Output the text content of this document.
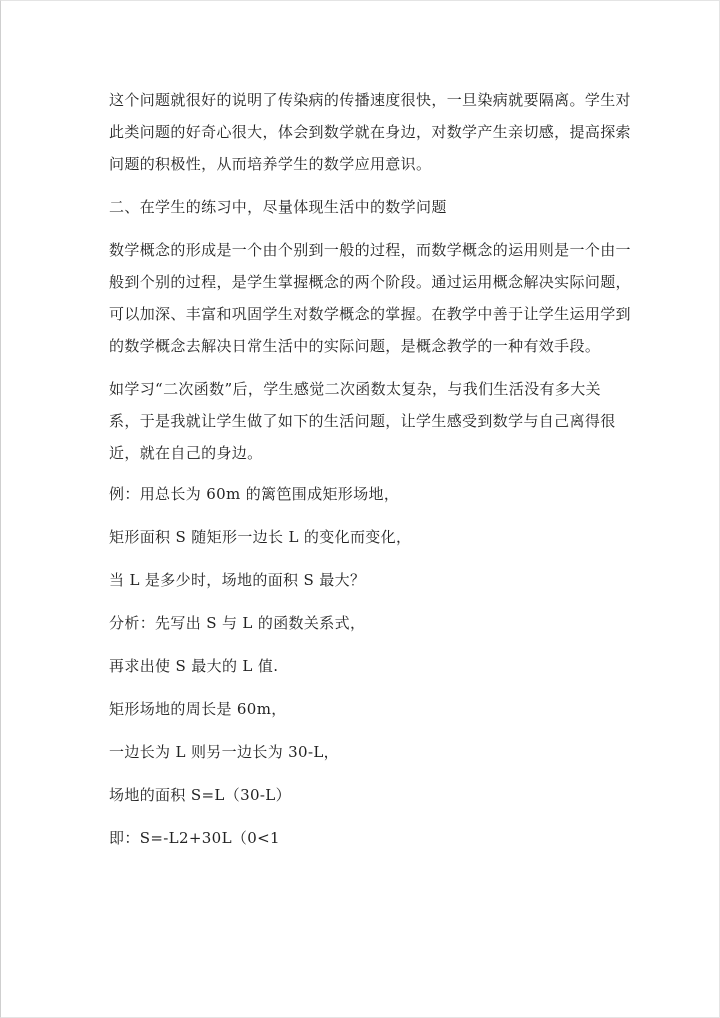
这个问题就很好的说明了传染病的传播速度很快，一旦染病就要隔离。学生对
此类问题的好奇心很大，体会到数学就在身边，对数学产生亲切感，提高探索
问题的积极性，从而培养学生的数学应用意识。
二、在学生的练习中，尽量体现生活中的数学问题
数学概念的形成是一个由个别到一般的过程，而数学概念的运用则是一个由一
般到个别的过程，是学生掌握概念的两个阶段。通过运用概念解决实际问题，
可以加深、丰富和巩固学生对数学概念的掌握。在教学中善于让学生运用学到
的数学概念去解决日常生活中的实际问题，是概念教学的一种有效手段。
如学习“二次函数”后，学生感觉二次函数太复杂，与我们生活没有多大关
系，于是我就让学生做了如下的生活问题，让学生感受到数学与自己离得很
近，就在自己的身边。

例：用总长为 60m 的篱笆围成矩形场地，

矩形面积 S 随矩形一边长 L 的变化而变化，

当 L 是多少时，场地的面积 S 最大？

分析：先写出 S 与 L 的函数关系式，

再求出使 S 最大的 L 值.

矩形场地的周长是 60m，

一边长为 L 则另一边长为 30-L，

场地的面积 S=L（30-L）

即：S=-L2+30L（0<1
